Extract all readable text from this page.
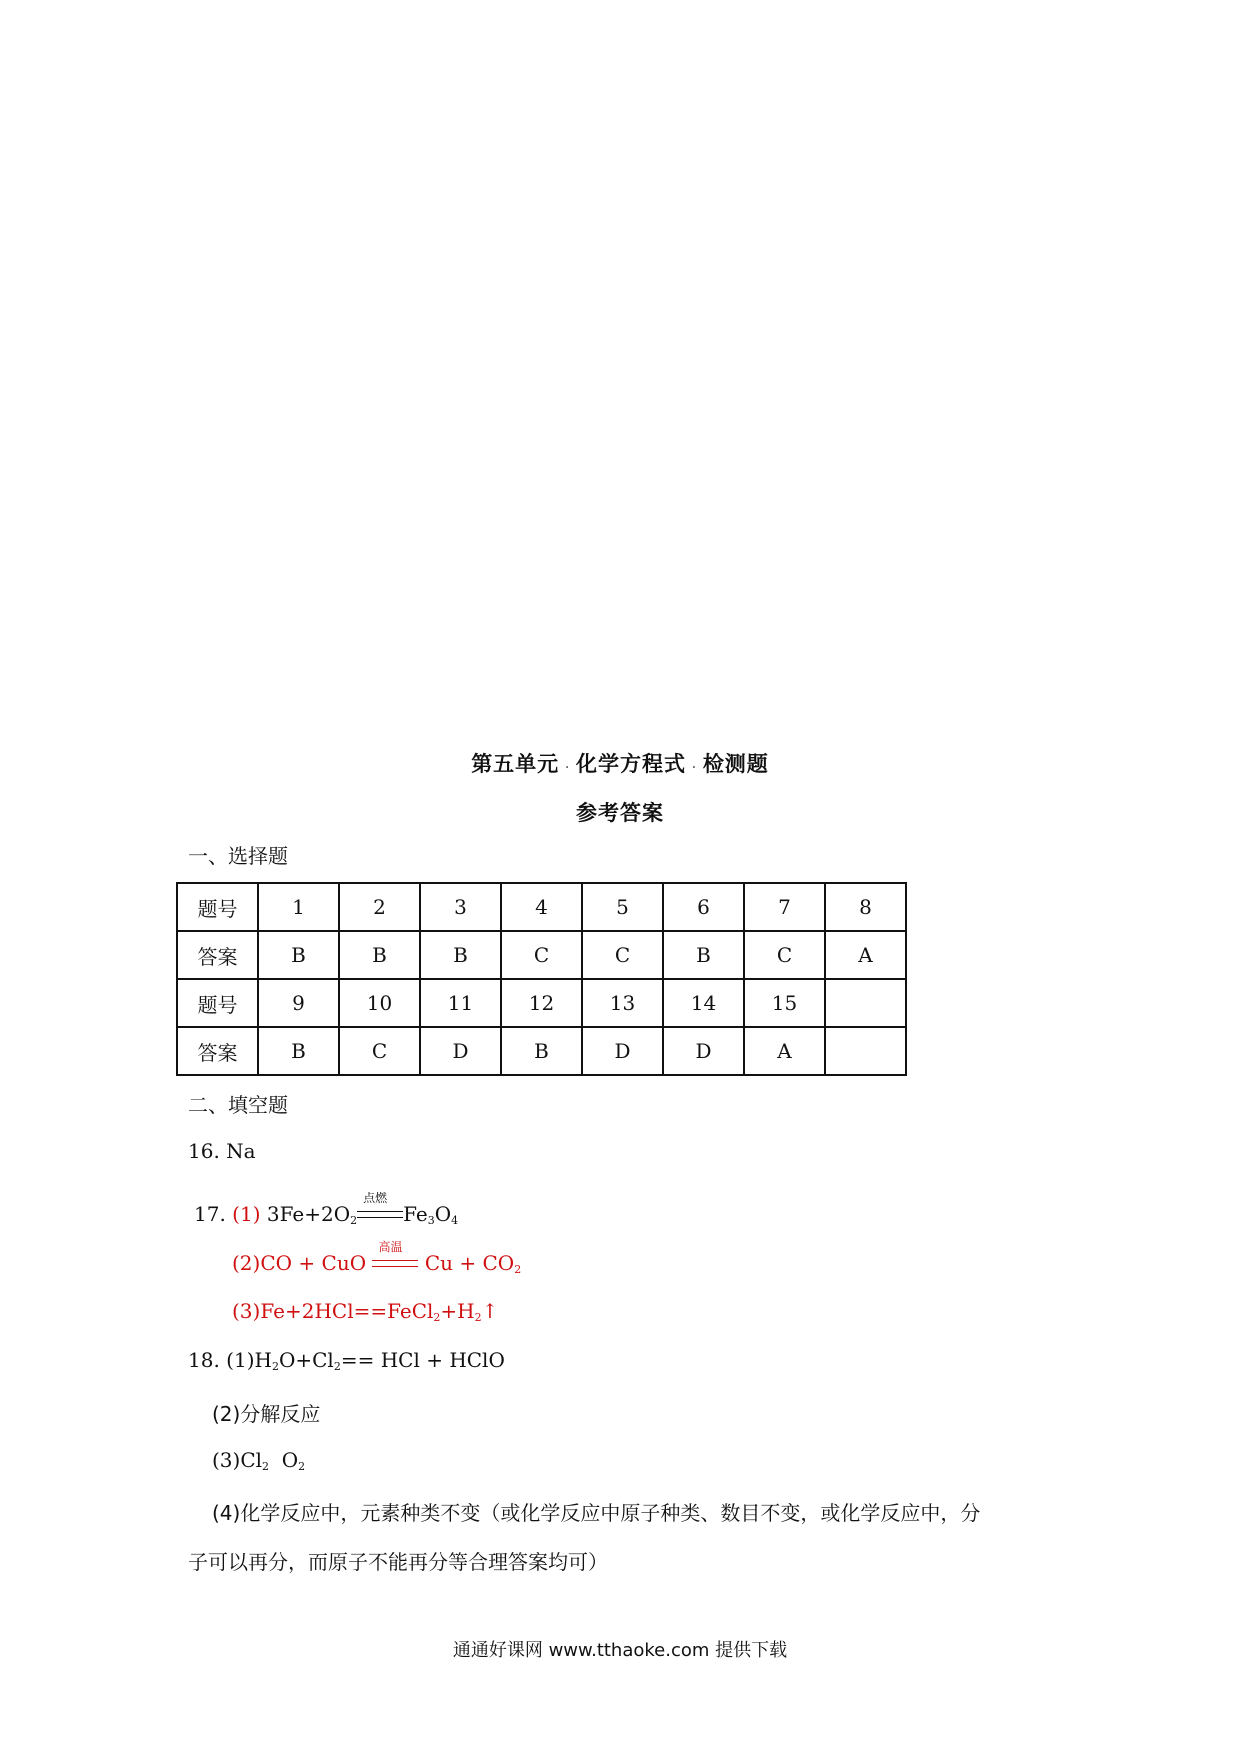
第五单元 . 化学方程式 . 检测题
参考答案
一、选择题
题号	1	2	3	4	5	6	7	8
答案	B	B	B	C	C	B	C	A
题号	9	10	11	12	13	14	15	
答案	B	C	D	B	D	D	A	
二、填空题
16. Na
17. (1) $3Fe+2O_2$
点燃
$Fe_3O_4$
(2)CO + CuO
高温
$Cu + CO_2$
$(3)Fe+2HCl==FeCl_2+H_2↑$
18. $(1)H_2O+Cl_2==$ HCl + HClO
(2)分解反应
$(3)Cl_2$ $O_2$
(4)化学反应中，元素种类不变（或化学反应中原子种类、数目不变，或化学反应中，分
子可以再分，而原子不能再分等合理答案均可）
通通好课网 www.tthaoke.com 提供下载
